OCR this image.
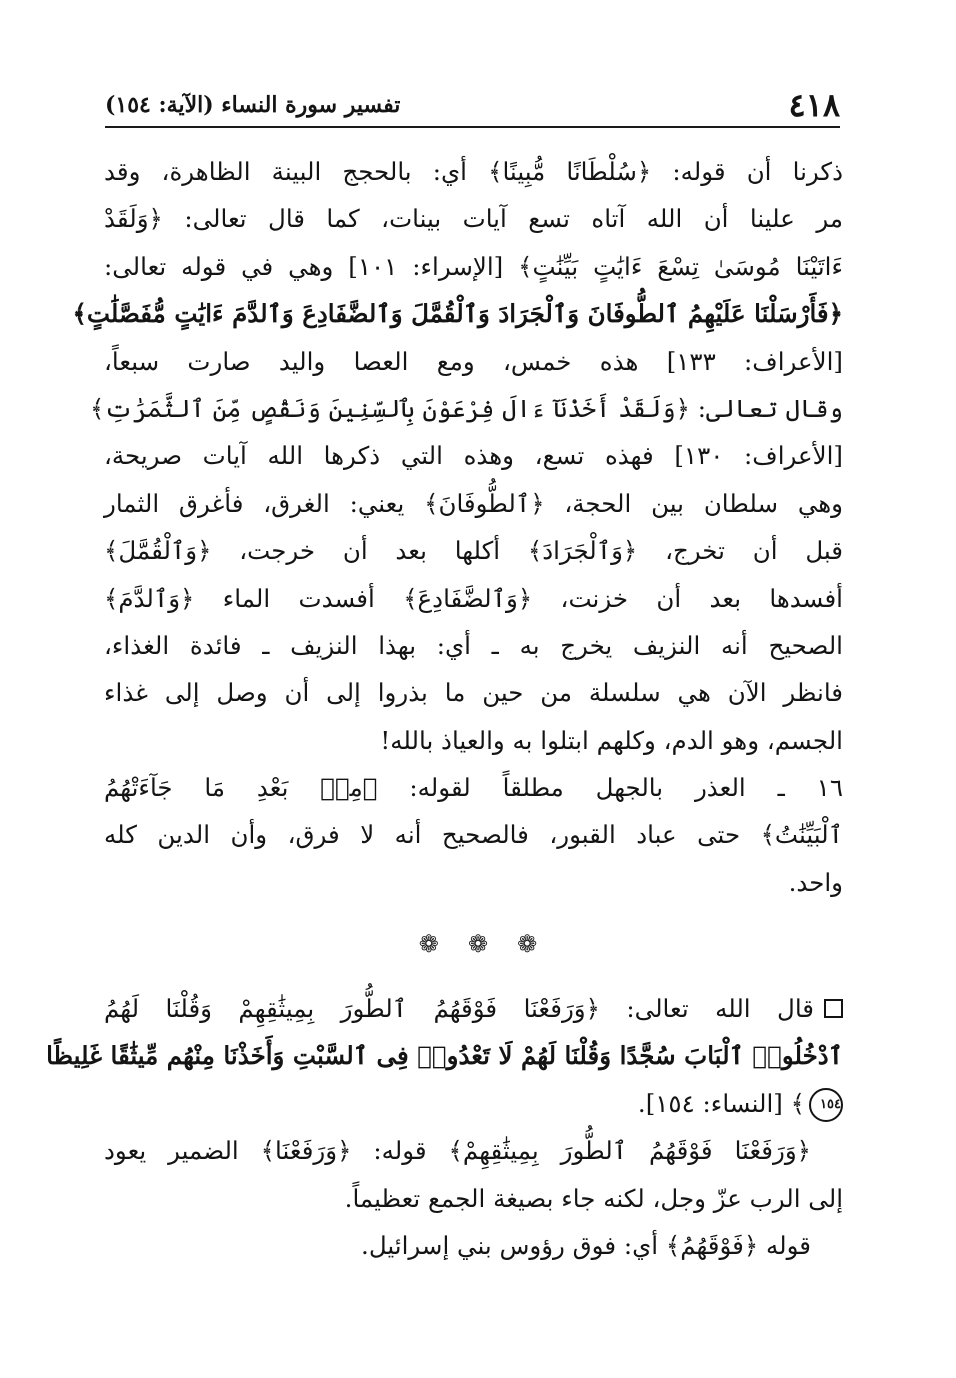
٤١٨
تفسير سورة النساء (الآية: ١٥٤)
ذكرنا أن قوله: ﴿سُلْطَانًا مُّبِينًا﴾ أي: بالحجج البينة الظاهرة، وقد
مر علينا أن الله آتاه تسع آيات بينات، كما قال تعالى: ﴿وَلَقَدْ
ءَاتَيْنَا مُوسَىٰ تِسْعَ ءَايَٰتٍ بَيِّنَٰتٍ﴾ [الإسراء: ١٠١] وهي في قوله تعالى:
﴿فَأَرْسَلْنَا عَلَيْهِمُ ٱلطُّوفَانَ وَٱلْجَرَادَ وَٱلْقُمَّلَ وَٱلضَّفَادِعَ وَٱلدَّمَ ءَايَٰتٍ مُّفَصَّلَٰتٍ﴾
[الأعراف: ١٣٣] هذه خمس، ومع العصا واليد صارت سبعاً،
وقال تعالى: ﴿وَلَقَدْ أَخَذْنَآ ءَالَ فِرْعَوْنَ بِٱلسِّنِينَ وَنَقْصٍ مِّنَ ٱلثَّمَرَٰتِ﴾
[الأعراف: ١٣٠] فهذه تسع، وهذه التي ذكرها الله آيات صريحة،
وهي سلطان بين الحجة، ﴿ٱلطُّوفَانَ﴾ يعني: الغرق، فأغرق الثمار
قبل أن تخرج، ﴿وَٱلْجَرَادَ﴾ أكلها بعد أن خرجت، ﴿وَٱلْقُمَّلَ﴾
أفسدها بعد أن خزنت، ﴿وَٱلضَّفَادِعَ﴾ أفسدت الماء ﴿وَٱلدَّمَ﴾
الصحيح أنه النزيف يخرج به ـ أي: بهذا النزيف ـ فائدة الغذاء،
فانظر الآن هي سلسلة من حين ما بذروا إلى أن وصل إلى غذاء
الجسم، وهو الدم، وكلهم ابتلوا به والعياذ بالله!
١٦ ـ العذر بالجهل مطلقاً لقوله: ﴿مِنۢ بَعْدِ مَا جَآءَتْهُمُ
ٱلْبَيِّنَٰتُ﴾ حتى عباد القبور، فالصحيح أنه لا فرق، وأن الدين كله
واحد.
❁ ❁ ❁
قال الله تعالى: ﴿وَرَفَعْنَا فَوْقَهُمُ ٱلطُّورَ بِمِيثَٰقِهِمْ وَقُلْنَا لَهُمُ
ٱدْخُلُوا۟ ٱلْبَابَ سُجَّدًا وَقُلْنَا لَهُمْ لَا تَعْدُوا۟ فِى ٱلسَّبْتِ وَأَخَذْنَا مِنْهُم مِّيثَٰقًا غَلِيظًا
١٥٤﴾ [النساء: ١٥٤].
﴿وَرَفَعْنَا فَوْقَهُمُ ٱلطُّورَ بِمِيثَٰقِهِمْ﴾ قوله: ﴿وَرَفَعْنَا﴾ الضمير يعود
إلى الرب عزّ وجل، لكنه جاء بصيغة الجمع تعظيماً.
قوله ﴿فَوْقَهُمُ﴾ أي: فوق رؤوس بني إسرائيل.
